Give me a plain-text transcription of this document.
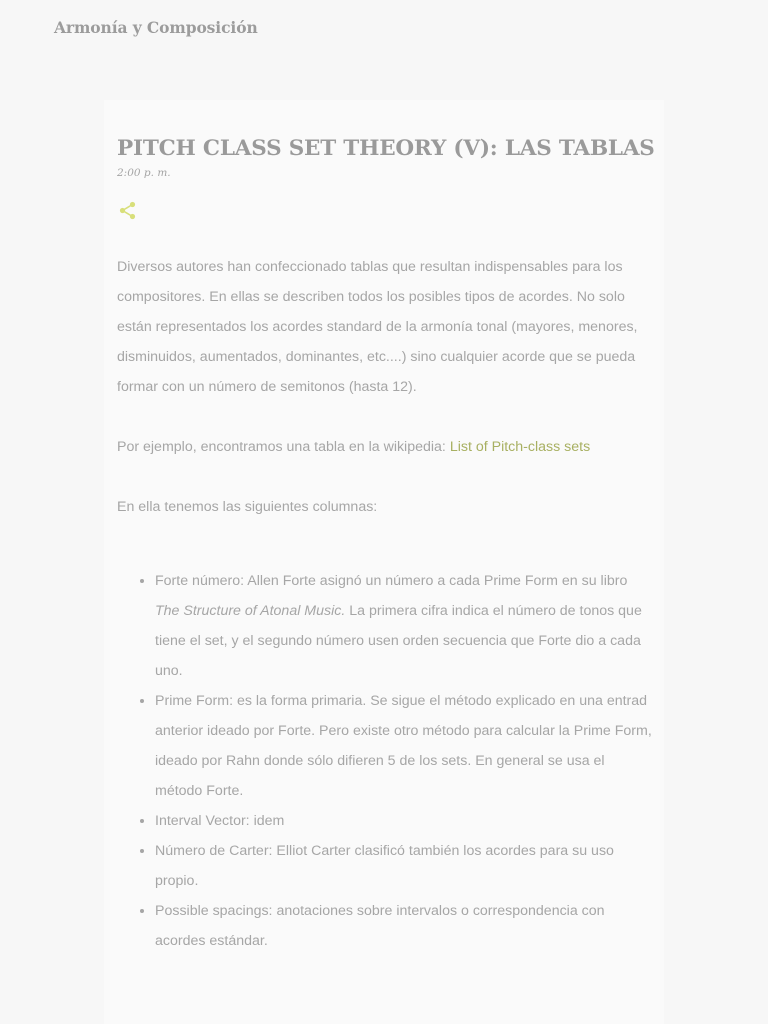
Armonía y Composición
PITCH CLASS SET THEORY (V): LAS TABLAS
2:00 p. m.

Diversos autores han confeccionado tablas que resultan indispensables para los compositores. En ellas se describen todos los posibles tipos de acordes. No solo están representados los acordes standard de la armonía tonal (mayores, menores, disminuidos, aumentados, dominantes, etc....) sino cualquier acorde que se pueda formar con un número de semitonos (hasta 12).

Por ejemplo, encontramos una tabla en la wikipedia: List of Pitch-class sets

En ella tenemos las siguientes columnas:

• Forte número: Allen Forte asignó un número a cada Prime Form en su libro The Structure of Atonal Music. La primera cifra indica el número de tonos que tiene el set, y el segundo número usen orden secuencia que Forte dio a cada uno.
• Prime Form: es la forma primaria. Se sigue el método explicado en una entrad anterior ideado por Forte. Pero existe otro método para calcular la Prime Form, ideado por Rahn donde sólo difieren 5 de los sets. En general se usa el método Forte.
• Interval Vector: idem
• Número de Carter: Elliot Carter clasificó también los acordes para su uso propio.
• Possible spacings: anotaciones sobre intervalos o correspondencia con acordes estándar.
